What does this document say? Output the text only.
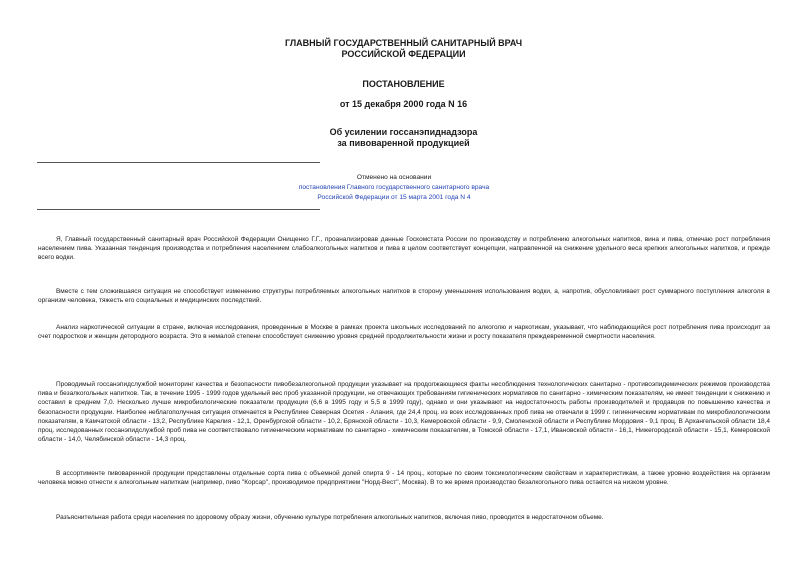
ГЛАВНЫЙ ГОСУДАРСТВЕННЫЙ САНИТАРНЫЙ ВРАЧ
РОССИЙСКОЙ ФЕДЕРАЦИИ
ПОСТАНОВЛЕНИЕ
от 15 декабря 2000 года N 16
Об усилении госсанэпиднадзора
за пивоваренной продукцией
Отменено на основании
постановления Главного государственного санитарного врача
Российской Федерации от 15 марта 2001 года N 4

Я, Главный государственный санитарный врач Российской Федерации Онищенко Г.Г., проанализировав данные Госкомстата России по производству и потреблению алкогольных напитков, вина и пива, отмечаю рост потребления населением пива. Указанная тенденция производства и потребления населением слабоалкогольных напитков и пива в целом соответствует концепции, направленной на снижение удельного веса крепких алкогольных напитков, и прежде всего водки.

Вместе с тем сложившаяся ситуация не способствует изменению структуры потребляемых алкогольных напитков в сторону уменьшения использования водки, а, напротив, обусловливает рост суммарного поступления алкоголя в организм человека, тяжесть его социальных и медицинских последствий.

Анализ наркотической ситуации в стране, включая исследования, проведенные в Москве в рамках проекта школьных исследований по алкоголю и наркотикам, указывает, что наблюдающийся рост потребления пива происходит за счет подростков и женщин детородного возраста. Это в немалой степени способствует снижению уровня средней продолжительности жизни и росту показателя преждевременной смертности населения.

Проводимый госсанэпидслужбой мониторинг качества и безопасности пивобезалкогольной продукции указывает на продолжающиеся факты несоблюдения технологических санитарно - противоэпидемических режимов производства пива и безалкогольных напитков. Так, в течение 1995 - 1999 годов удельный вес проб указанной продукции, не отвечающих требованиям гигиенических нормативов по санитарно - химическим показателям, не имеет тенденции к снижению и составил в среднем 7,0. Несколько лучше микробиологические показатели продукции (6,6 в 1995 году и 5,5 в 1999 году), однако и они указывают на недостаточность работы производителей и продавцов по повышению качества и безопасности продукции. Наиболее неблагополучная ситуация отмечается в Республике Северная Осетия - Алания, где 24,4 проц. из всех исследованных проб пива не отвечали в 1999 г. гигиеническим нормативам по микробиологическим показателям, в Камчатской области - 13,2, Республике Карелия - 12,1, Оренбургской области - 10,2, Брянской области - 10,3, Кемеровской области - 9,9, Смоленской области и Республике Мордовия - 9,1 проц. В Архангельской области 18,4 проц. исследованных госсанэпидслужбой проб пива не соответствовало гигиеническим нормативам по санитарно - химическим показателям, в Томской области - 17,1, Ивановской области - 16,1, Нижегородской области - 15,1, Кемеровской области - 14,0, Челябинской области - 14,3 проц.

В ассортименте пивоваренной продукции представлены отдельные сорта пива с объемной долей спирта 9 - 14 проц., которые по своим токсикологическим свойствам и характеристикам, а также уровню воздействия на организм человека можно отнести к алкогольным напиткам (например, пиво "Корсар", производимое предприятием "Норд-Вест", Москва). В то же время производство безалкогольного пива остается на низком уровне.

Разъяснительная работа среди населения по здоровому образу жизни, обучению культуре потребления алкогольных напитков, включая пиво, проводится в недостаточном объеме.
